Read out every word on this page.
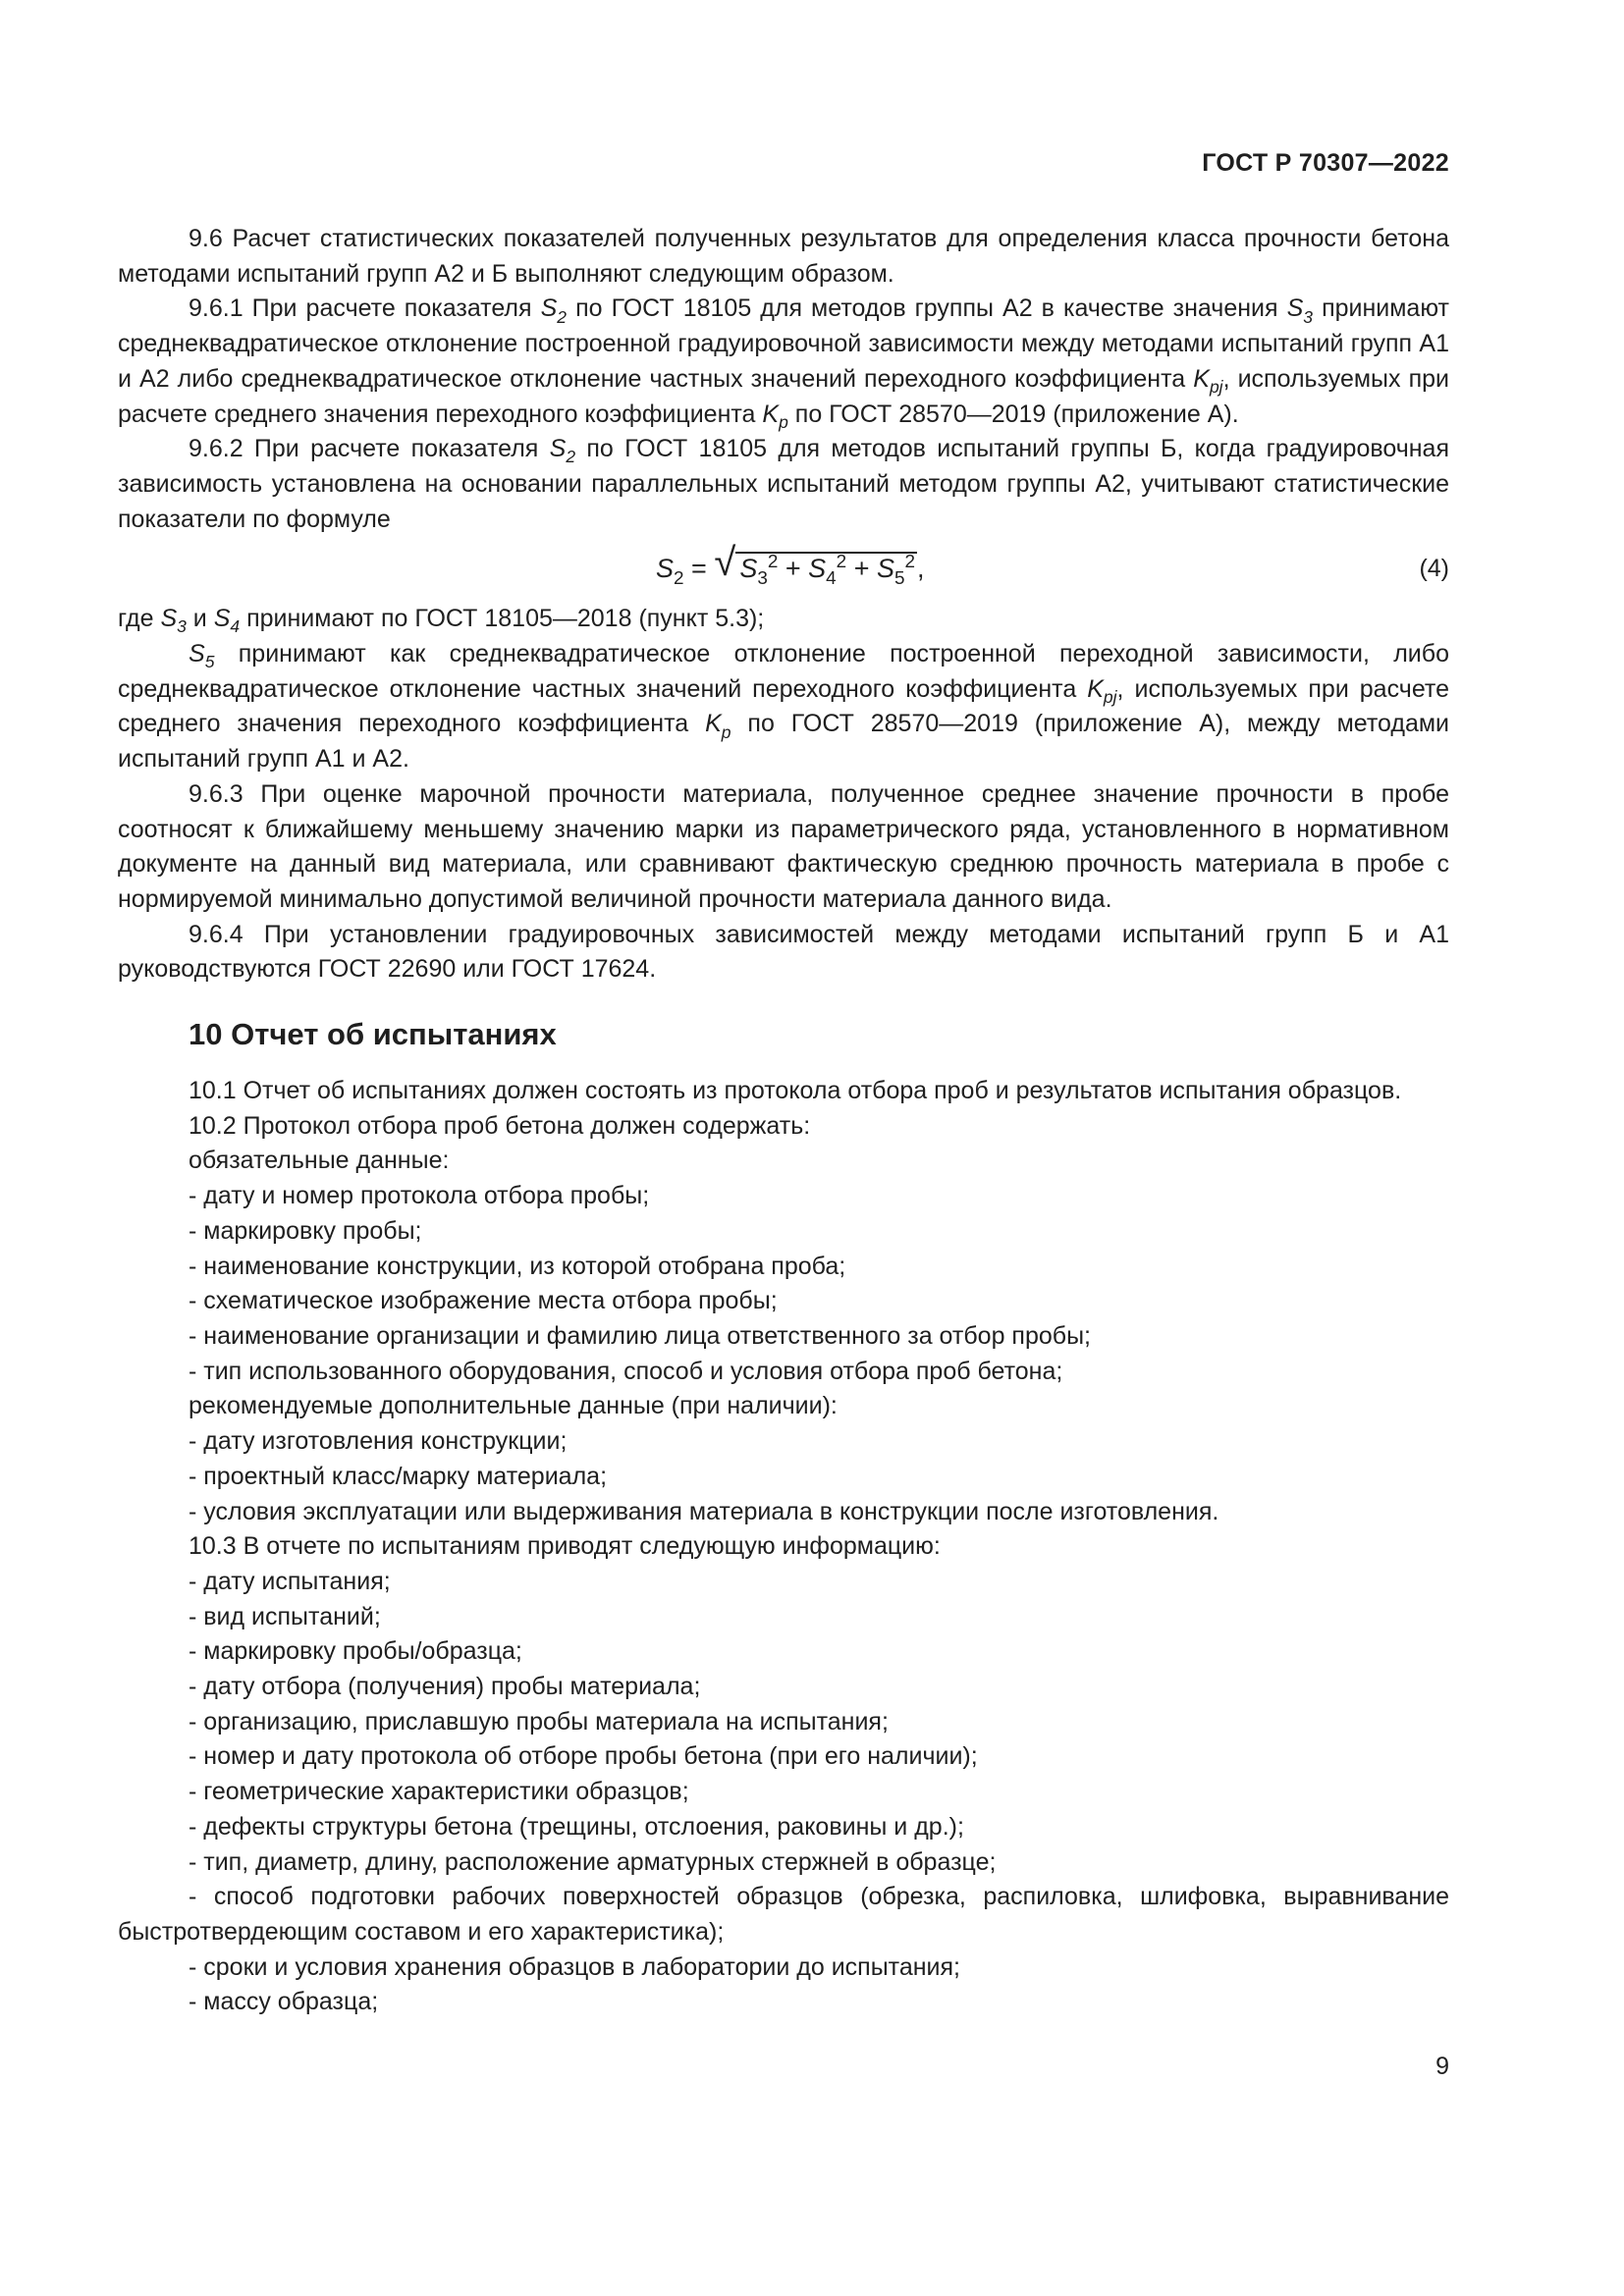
ГОСТ Р 70307—2022

9.6 Расчет статистических показателей полученных результатов для определения класса прочности бетона методами испытаний групп А2 и Б выполняют следующим образом.

9.6.1 При расчете показателя $S_2$ по ГОСТ 18105 для методов группы А2 в качестве значения $S_3$ принимают среднеквадратическое отклонение построенной градуировочной зависимости между методами испытаний групп А1 и А2 либо среднеквадратическое отклонение частных значений переходного коэффициента $K_{pj}$, используемых при расчете среднего значения переходного коэффициента $K_p$ по ГОСТ 28570—2019 (приложение А).

9.6.2 При расчете показателя $S_2$ по ГОСТ 18105 для методов испытаний группы Б, когда градуировочная зависимость установлена на основании параллельных испытаний методом группы А2, учитывают статистические показатели по формуле

$S_2$ = √ $S_3^2 + S_4^2 + S_5^2$,	(4)

где $S_3$ и $S_4$ принимают по ГОСТ 18105—2018 (пункт 5.3);

$S_5$ принимают как среднеквадратическое отклонение построенной переходной зависимости, либо среднеквадратическое отклонение частных значений переходного коэффициента $K_{pj}$, используемых при расчете среднего значения переходного коэффициента $K_p$ по ГОСТ 28570—2019 (приложение А), между методами испытаний групп А1 и А2.

9.6.3 При оценке марочной прочности материала, полученное среднее значение прочности в пробе соотносят к ближайшему меньшему значению марки из параметрического ряда, установленного в нормативном документе на данный вид материала, или сравнивают фактическую среднюю прочность материала в пробе с нормируемой минимально допустимой величиной прочности материала данного вида.

9.6.4 При установлении градуировочных зависимостей между методами испытаний групп Б и А1 руководствуются ГОСТ 22690 или ГОСТ 17624.

10 Отчет об испытаниях

10.1 Отчет об испытаниях должен состоять из протокола отбора проб и результатов испытания образцов.

10.2 Протокол отбора проб бетона должен содержать:

обязательные данные:

- дату и номер протокола отбора пробы;

- маркировку пробы;

- наименование конструкции, из которой отобрана проба;

- схематическое изображение места отбора пробы;

- наименование организации и фамилию лица ответственного за отбор пробы;

- тип использованного оборудования, способ и условия отбора проб бетона;

рекомендуемые дополнительные данные (при наличии):

- дату изготовления конструкции;

- проектный класс/марку материала;

- условия эксплуатации или выдерживания материала в конструкции после изготовления.

10.3 В отчете по испытаниям приводят следующую информацию:

- дату испытания;

- вид испытаний;

- маркировку пробы/образца;

- дату отбора (получения) пробы материала;

- организацию, приславшую пробы материала на испытания;

- номер и дату протокола об отборе пробы бетона (при его наличии);

- геометрические характеристики образцов;

- дефекты структуры бетона (трещины, отслоения, раковины и др.);

- тип, диаметр, длину, расположение арматурных стержней в образце;

- способ подготовки рабочих поверхностей образцов (обрезка, распиловка, шлифовка, выравнивание быстротвердеющим составом и его характеристика);

- сроки и условия хранения образцов в лаборатории до испытания;

- массу образца;

9
